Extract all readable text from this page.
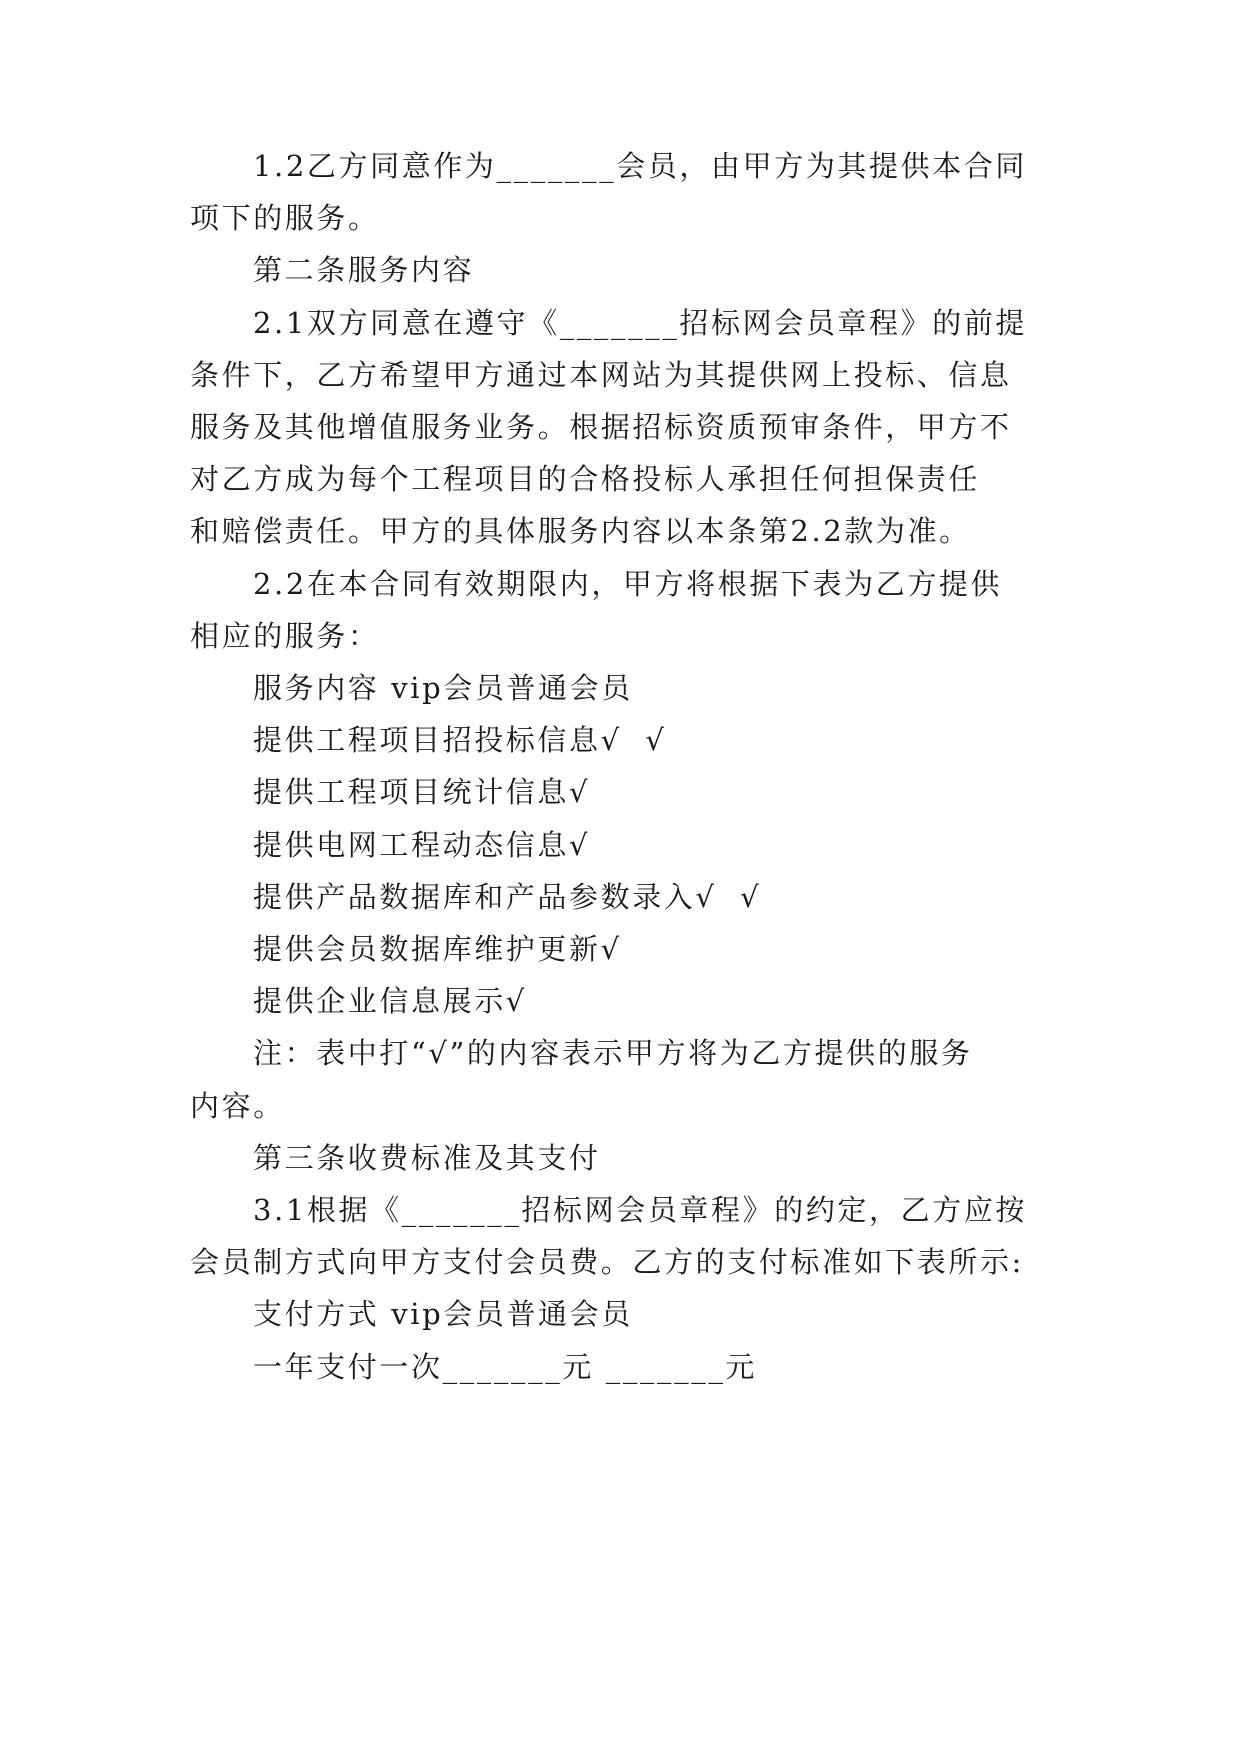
1.2乙方同意作为_______会员，由甲方为其提供本合同
项下的服务。
第二条服务内容
2.1双方同意在遵守《_______招标网会员章程》的前提
条件下，乙方希望甲方通过本网站为其提供网上投标、信息
服务及其他增值服务业务。根据招标资质预审条件，甲方不
对乙方成为每个工程项目的合格投标人承担任何担保责任
和赔偿责任。甲方的具体服务内容以本条第2.2款为准。
2.2在本合同有效期限内，甲方将根据下表为乙方提供
相应的服务：
服务内容 vip会员普通会员
提供工程项目招投标信息√  √
提供工程项目统计信息√
提供电网工程动态信息√
提供产品数据库和产品参数录入√  √
提供会员数据库维护更新√
提供企业信息展示√
注：表中打“√”的内容表示甲方将为乙方提供的服务
内容。
第三条收费标准及其支付
3.1根据《_______招标网会员章程》的约定，乙方应按
会员制方式向甲方支付会员费。乙方的支付标准如下表所示:
支付方式 vip会员普通会员
一年支付一次_______元 _______元
